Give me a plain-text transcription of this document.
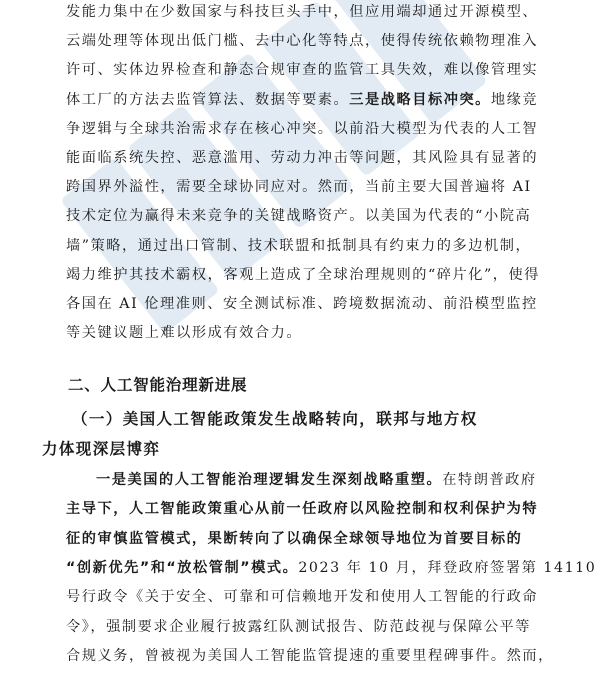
发能力集中在少数国家与科技巨头手中，但应用端却通过开源模型、
云端处理等体现出低门槛、去中心化等特点，使得传统依赖物理准入
许可、实体边界检查和静态合规审查的监管工具失效，难以像管理实
体工厂的方法去监管算法、数据等要素。三是战略目标冲突。地缘竞
争逻辑与全球共治需求存在核心冲突。以前沿大模型为代表的人工智
能面临系统失控、恶意滥用、劳动力冲击等问题，其风险具有显著的
跨国界外溢性，需要全球协同应对。然而，当前主要大国普遍将 AI
技术定位为赢得未来竞争的关键战略资产。以美国为代表的“小院高
墙”策略，通过出口管制、技术联盟和抵制具有约束力的多边机制，
竭力维护其技术霸权，客观上造成了全球治理规则的“碎片化”，使得
各国在 AI 伦理准则、安全测试标准、跨境数据流动、前沿模型监控
等关键议题上难以形成有效合力。
二、人工智能治理新进展
（一）美国人工智能政策发生战略转向，联邦与地方权
力体现深层博弈
一是美国的人工智能治理逻辑发生深刻战略重塑。在特朗普政府
主导下，人工智能政策重心从前一任政府以风险控制和权利保护为特
征的审慎监管模式，果断转向了以确保全球领导地位为首要目标的
“创新优先”和“放松管制”模式。2023 年 10 月，拜登政府签署第 14110
号行政令《关于安全、可靠和可信赖地开发和使用人工智能的行政命
令》，强制要求企业履行披露红队测试报告、防范歧视与保障公平等
合规义务，曾被视为美国人工智能监管提速的重要里程碑事件。然而，
